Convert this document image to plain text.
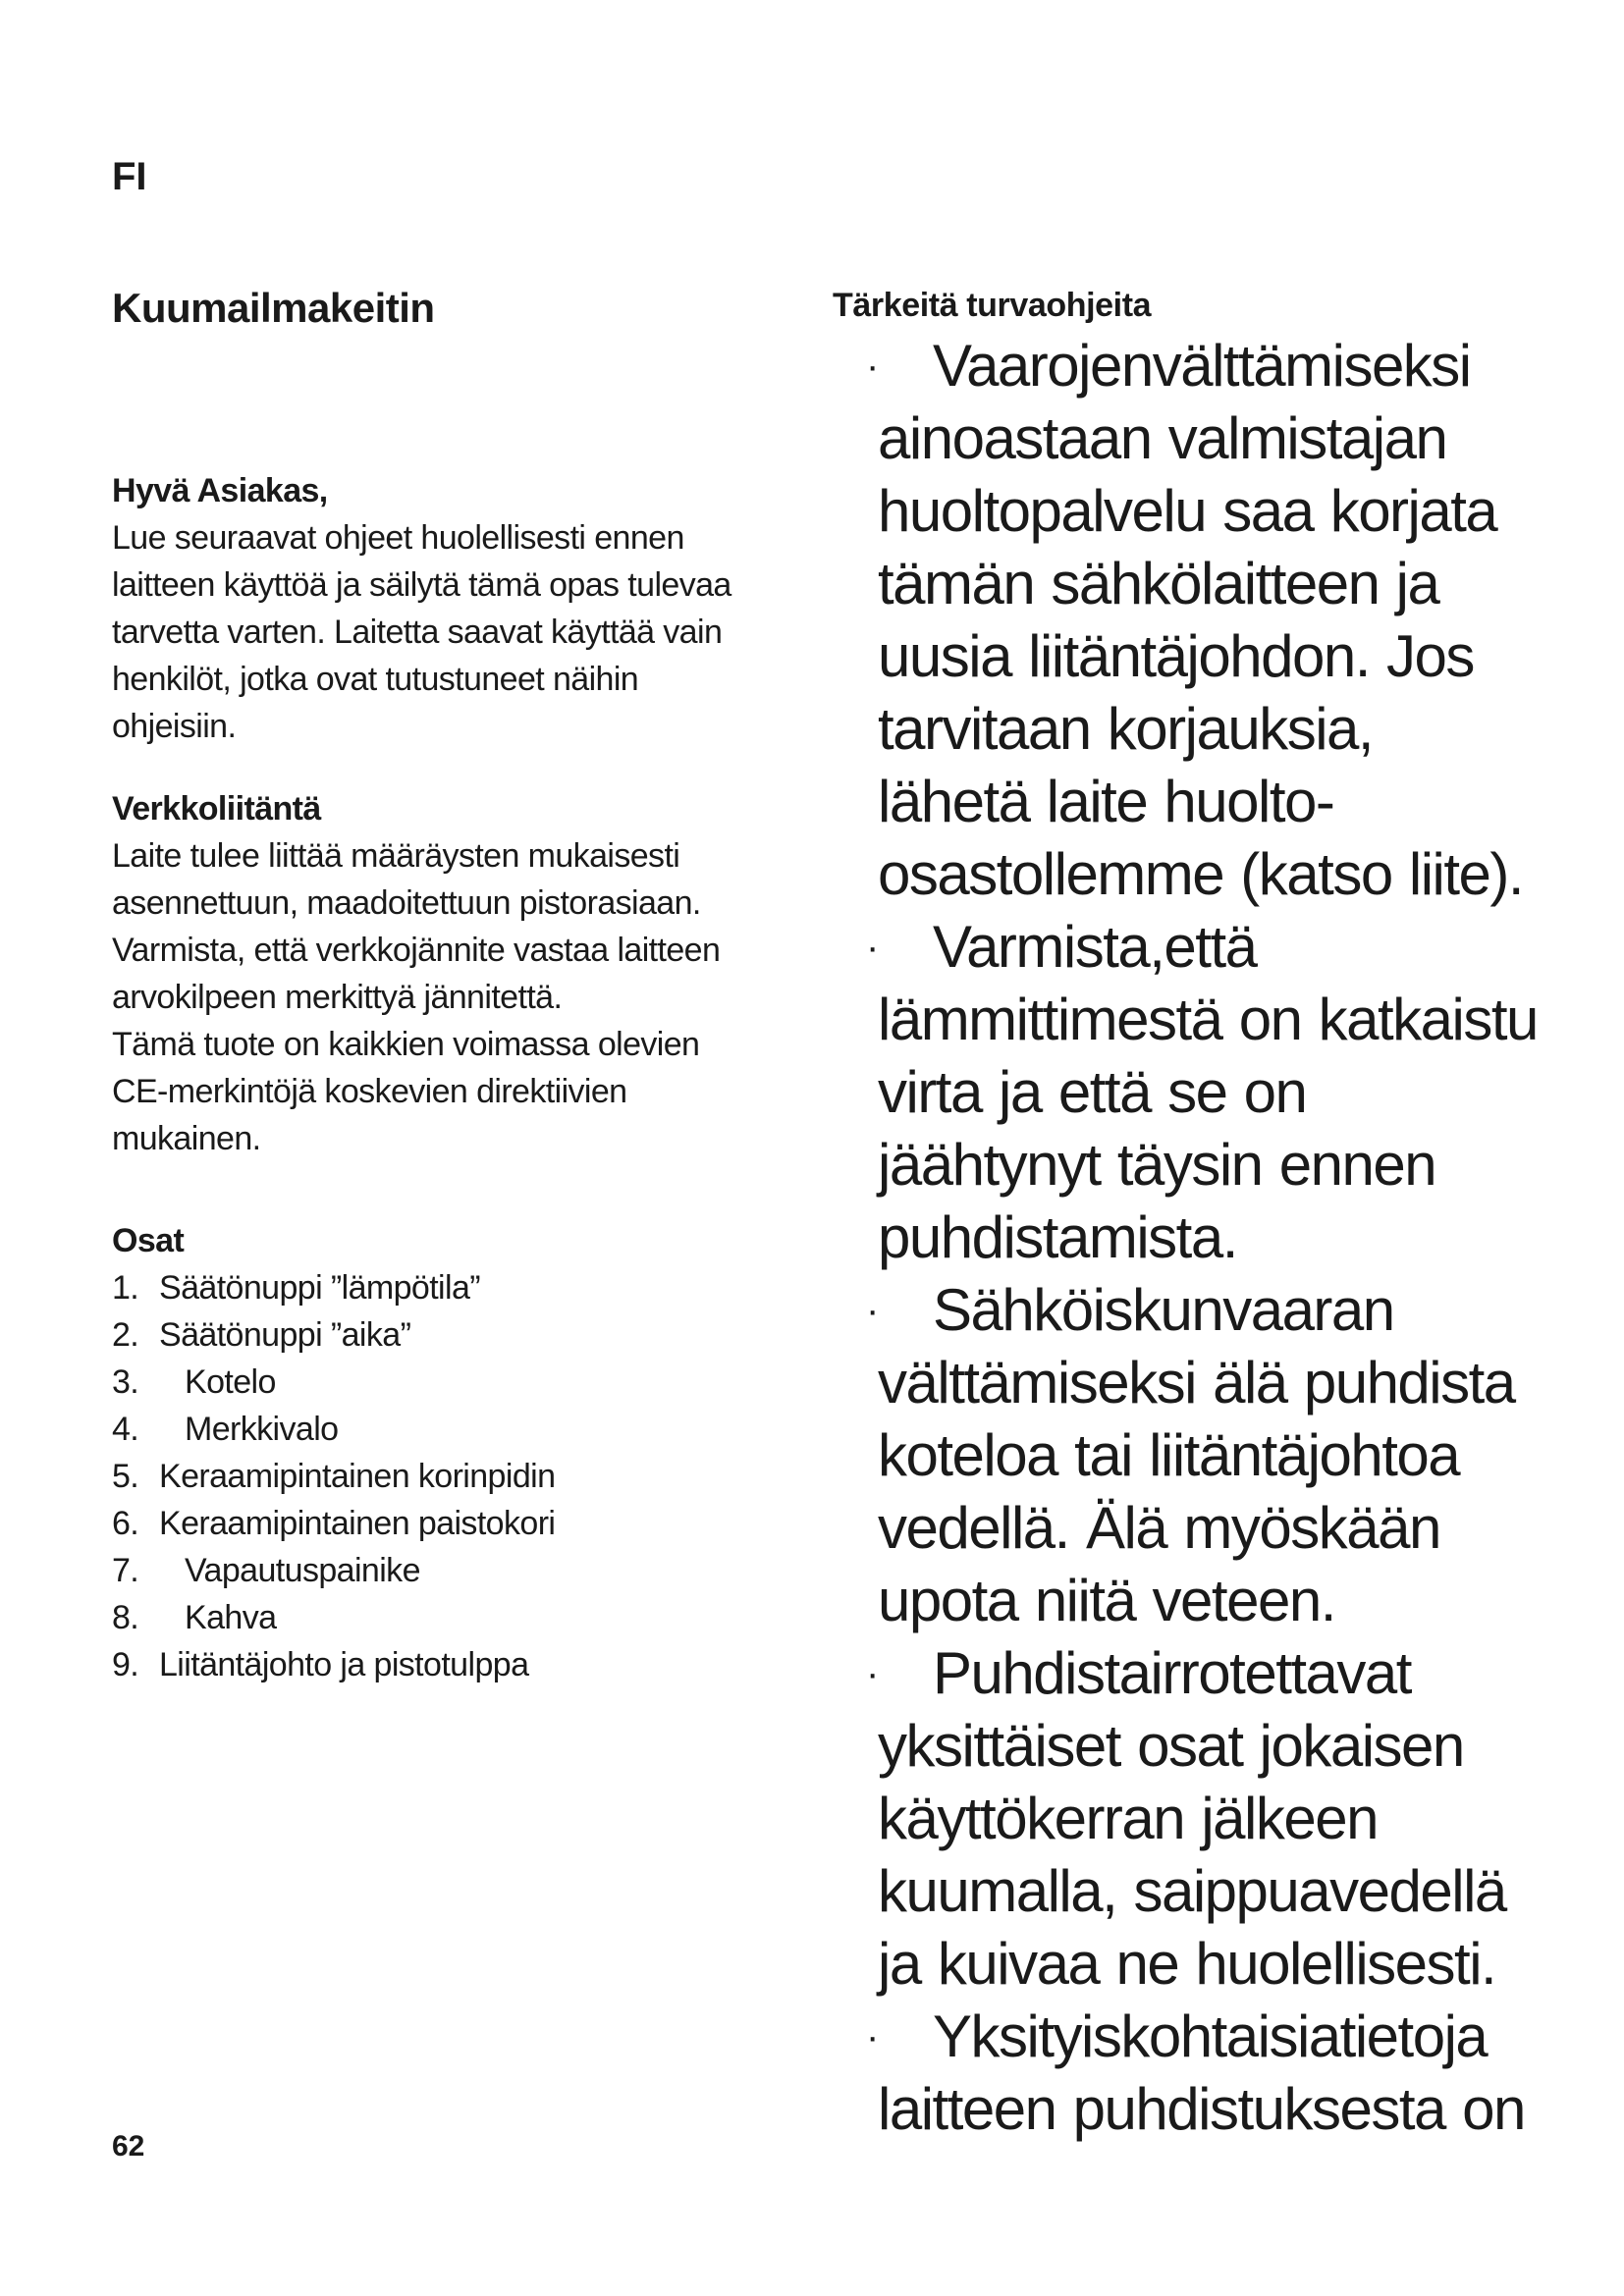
FI
Kuumailmakeitin
Hyvä Asiakas,
Lue seuraavat ohjeet huolellisesti ennen laitteen käyttöä ja säilytä tämä opas tulevaa tarvetta varten. Laitetta saavat käyttää vain henkilöt, jotka ovat tutustuneet näihin ohjeisiin.
Verkkoliitäntä
Laite tulee liittää määräysten mukaisesti asennettuun, maadoitettuun pistorasiaan. Varmista, että verkkojännite vastaa laitteen arvokilpeen merkittyä jännitettä.
Tämä tuote on kaikkien voimassa olevien CE-merkintöjä koskevien direktiivien mukainen.
Osat
1. Säätönuppi ”lämpötila”
2. Säätönuppi ”aika”
3.	Kotelo
4.	Merkkivalo
5. Keraamipintainen korinpidin
6. Keraamipintainen paistokori
7.	Vapautuspainike
8.	Kahva
9. Liitäntäjohto ja pistotulppa
Tärkeitä turvaohjeita
· Vaarojenvälttämiseksi ainoastaan valmistajan huoltopalvelu saa korjata tämän sähkölaitteen ja uusia liitäntäjohdon. Jos tarvitaan korjauksia, lähetä laite huolto-osastollemme (katso liite).
· Varmista,että lämmittimestä on katkaistu virta ja että se on jäähtynyt täysin ennen puhdistamista.
· Sähköiskunvaaran välttämiseksi älä puhdista koteloa tai liitäntäjohtoa vedellä. Älä myöskään upota niitä veteen.
· Puhdistairrotettavat yksittäiset osat jokaisen käyttökerran jälkeen kuumalla, saippuavedellä ja kuivaa ne huolellisesti.
· Yksityiskohtaisiatietoja laitteen puhdistuksesta on
62
